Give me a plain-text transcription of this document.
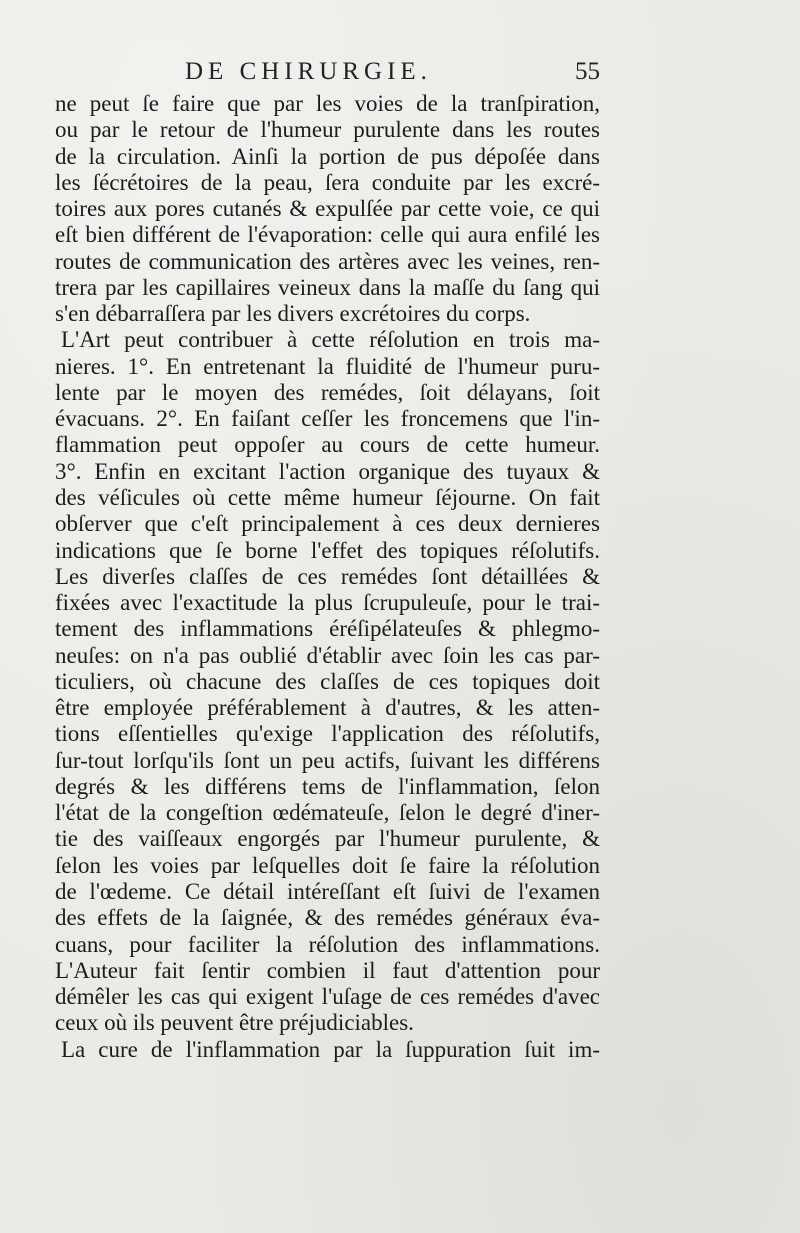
DE CHIRURGIE.	55
ne peut ſe faire que par les voies de la tranſpiration,
ou par le retour de l'humeur purulente dans les routes
de la circulation. Ainſi la portion de pus dépoſée dans
les ſécrétoires de la peau, ſera conduite par les excré-
toires aux pores cutanés & expulſée par cette voie, ce qui
eſt bien différent de l'évaporation: celle qui aura enfilé les
routes de communication des artères avec les veines, ren-
trera par les capillaires veineux dans la maſſe du ſang qui
s'en débarraſſera par les divers excrétoires du corps.
L'Art peut contribuer à cette réſolution en trois ma-
nieres. 1°. En entretenant la fluidité de l'humeur puru-
lente par le moyen des remédes, ſoit délayans, ſoit
évacuans. 2°. En faiſant ceſſer les froncemens que l'in-
flammation peut oppoſer au cours de cette humeur.
3°. Enfin en excitant l'action organique des tuyaux &
des véſicules où cette même humeur ſéjourne. On fait
obſerver que c'eſt principalement à ces deux dernieres
indications que ſe borne l'effet des topiques réſolutifs.
Les diverſes claſſes de ces remédes ſont détaillées &
fixées avec l'exactitude la plus ſcrupuleuſe, pour le trai-
tement des inflammations éréſipélateuſes & phlegmo-
neuſes: on n'a pas oublié d'établir avec ſoin les cas par-
ticuliers, où chacune des claſſes de ces topiques doit
être employée préférablement à d'autres, & les atten-
tions eſſentielles qu'exige l'application des réſolutifs,
ſur-tout lorſqu'ils ſont un peu actifs, ſuivant les différens
degrés & les différens tems de l'inflammation, ſelon
l'état de la congeſtion œdémateuſe, ſelon le degré d'iner-
tie des vaiſſeaux engorgés par l'humeur purulente, &
ſelon les voies par leſquelles doit ſe faire la réſolution
de l'œdeme. Ce détail intéreſſant eſt ſuivi de l'examen
des effets de la ſaignée, & des remédes généraux éva-
cuans, pour faciliter la réſolution des inflammations.
L'Auteur fait ſentir combien il faut d'attention pour
démêler les cas qui exigent l'uſage de ces remédes d'avec
ceux où ils peuvent être préjudiciables.
La cure de l'inflammation par la ſuppuration ſuit im-
